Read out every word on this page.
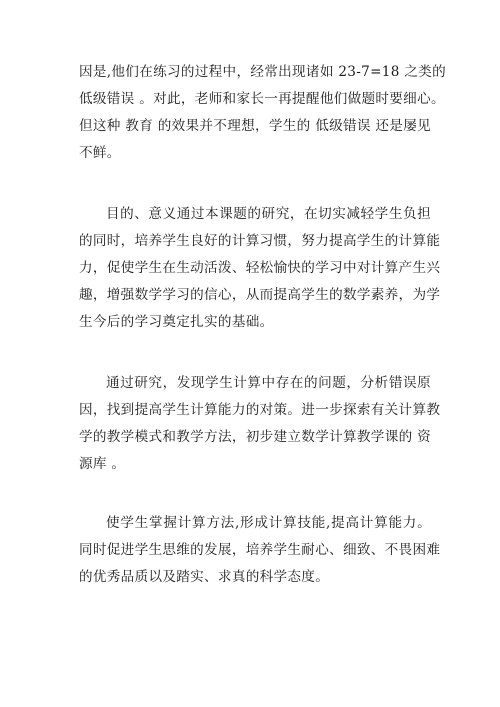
因是,他们在练习的过程中，经常出现诸如 23-7=18 之类的
低级错误 。对此，老师和家长一再提醒他们做题时要细心。
但这种 教育 的效果并不理想，学生的 低级错误 还是屡见
不鲜。
目的、意义通过本课题的研究，在切实减轻学生负担
的同时，培养学生良好的计算习惯，努力提高学生的计算能
力，促使学生在生动活泼、轻松愉快的学习中对计算产生兴
趣，增强数学学习的信心，从而提高学生的数学素养，为学
生今后的学习奠定扎实的基础。
通过研究，发现学生计算中存在的问题，分析错误原
因，找到提高学生计算能力的对策。进一步探索有关计算教
学的教学模式和教学方法，初步建立数学计算教学课的 资
源库 。
使学生掌握计算方法,形成计算技能,提高计算能力。
同时促进学生思维的发展，培养学生耐心、细致、不畏困难
的优秀品质以及踏实、求真的科学态度。
